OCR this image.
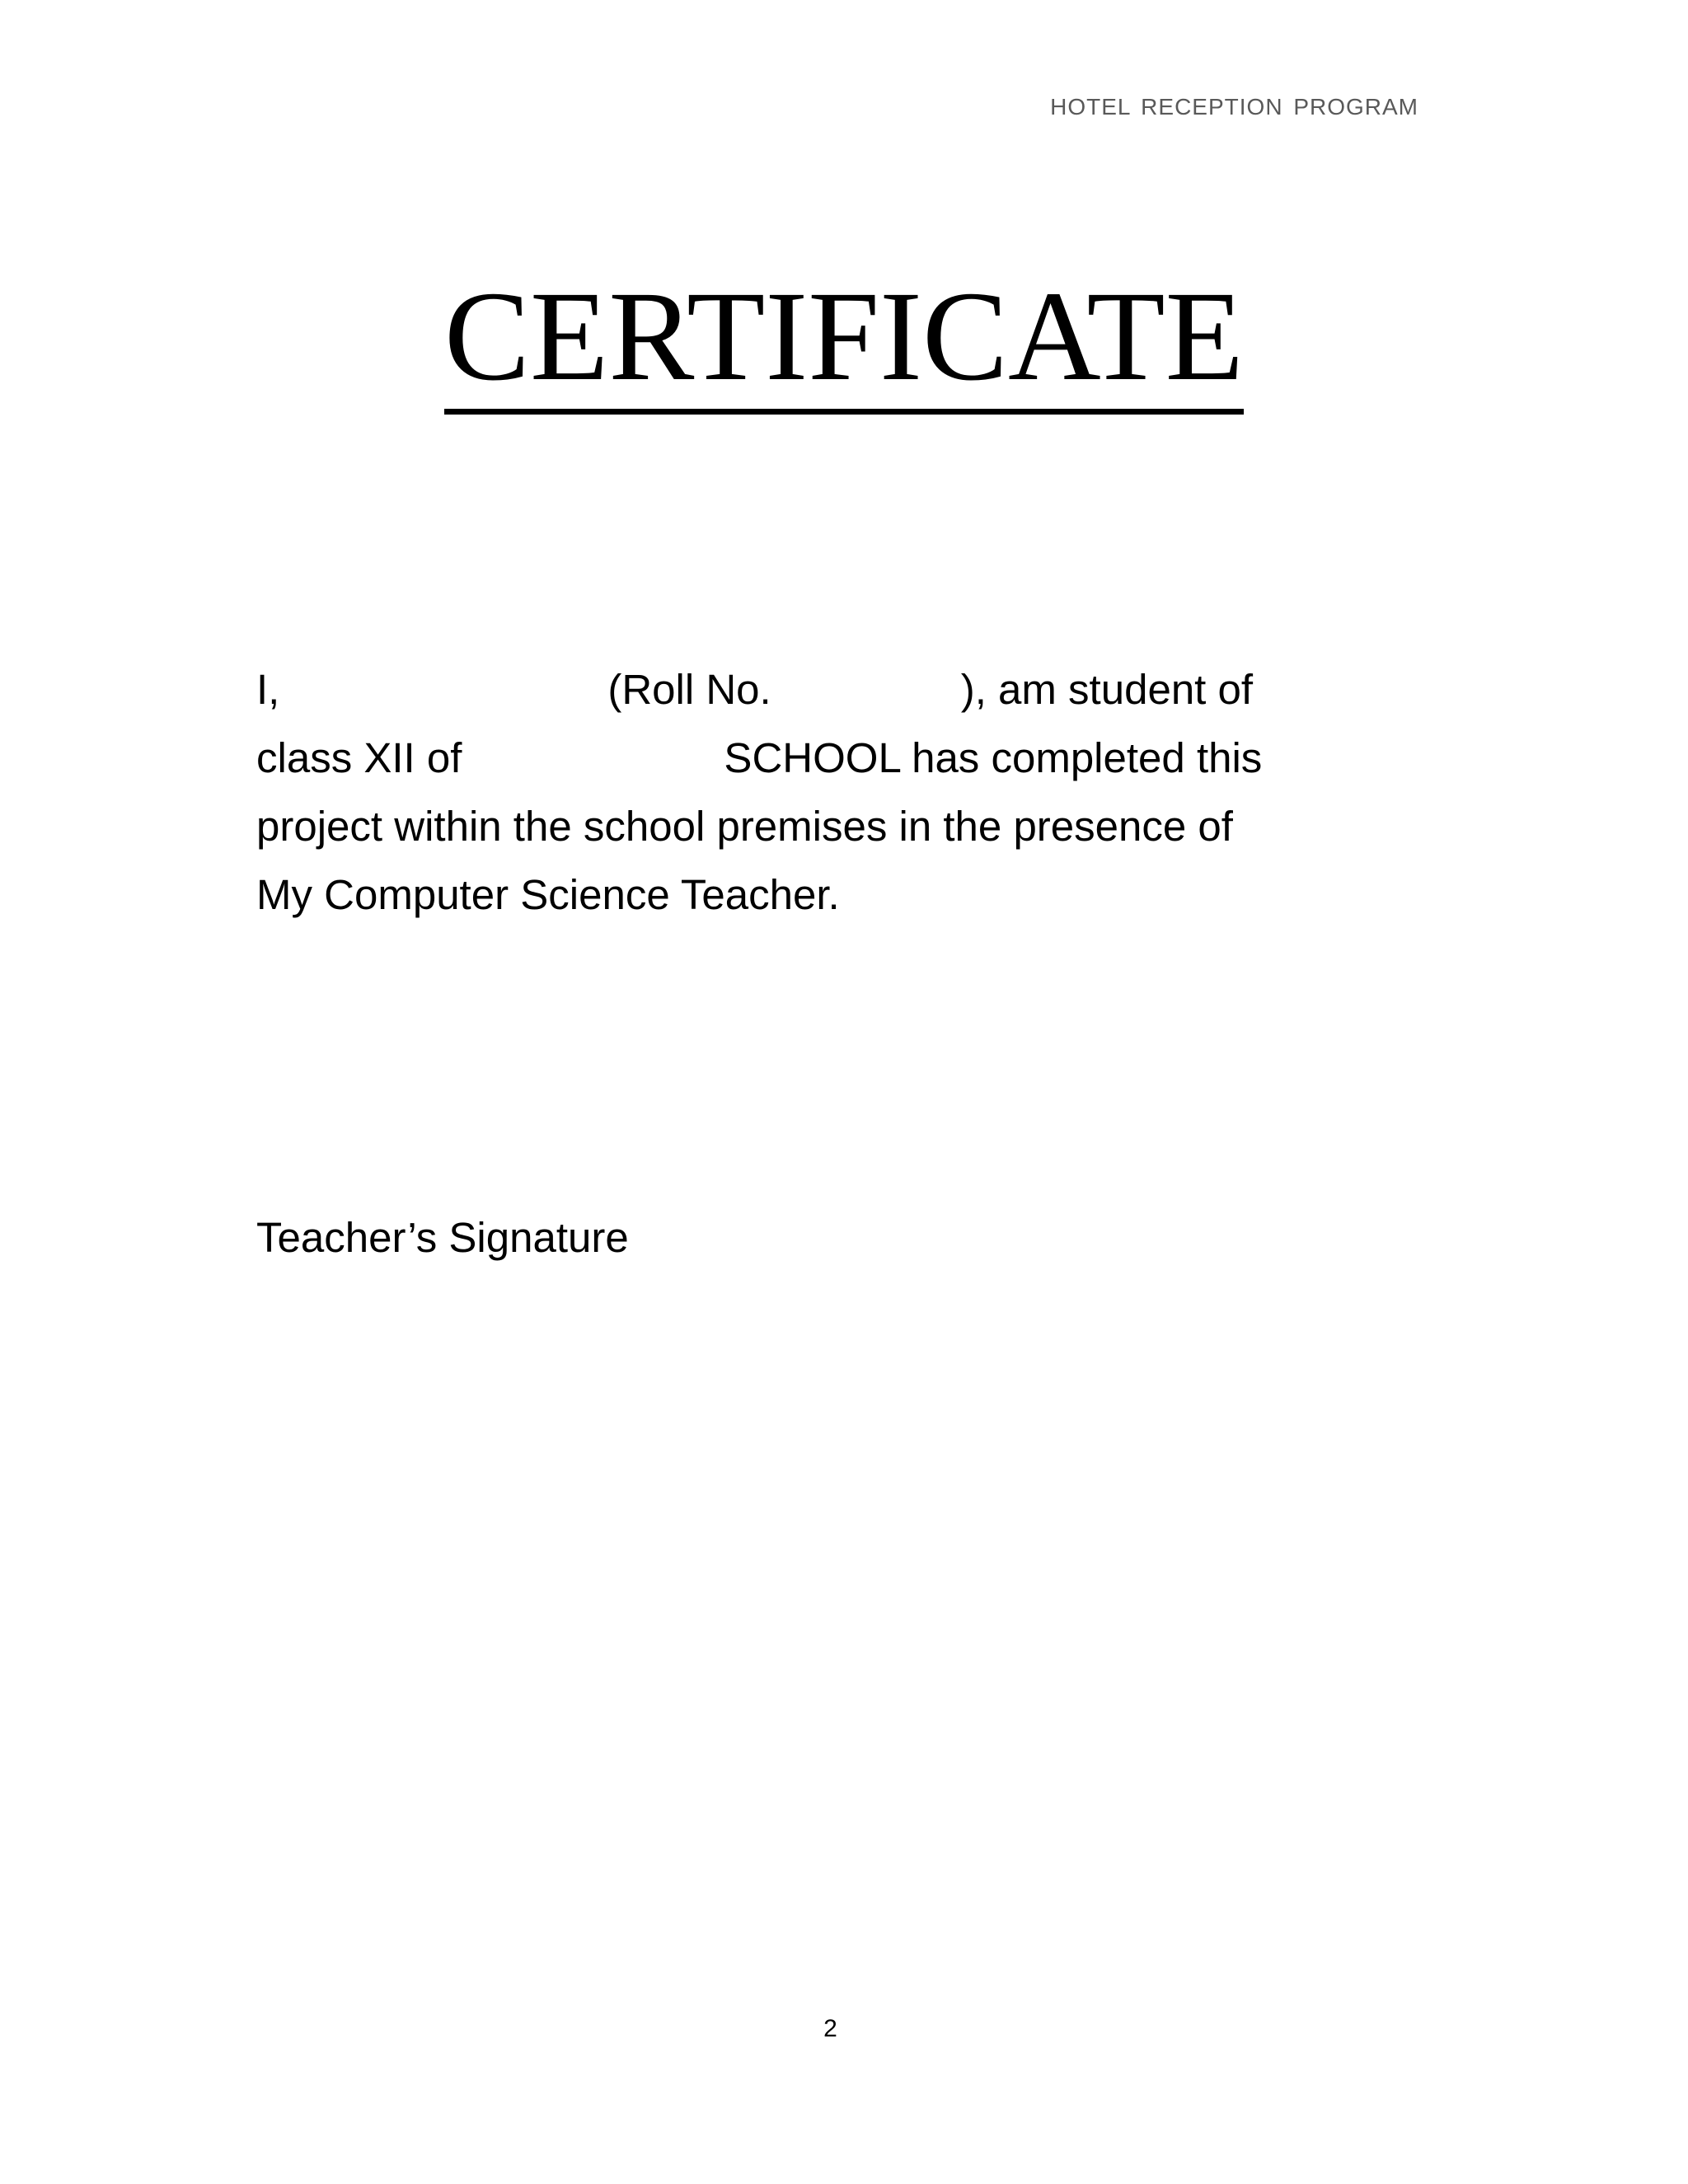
HOTEL RECEPTION PROGRAM
CERTIFICATE
I,	(Roll No.	), am student of
class XII of	SCHOOL has completed this
project within the school premises in the presence of
My Computer Science Teacher.
Teacher’s Signature
2
